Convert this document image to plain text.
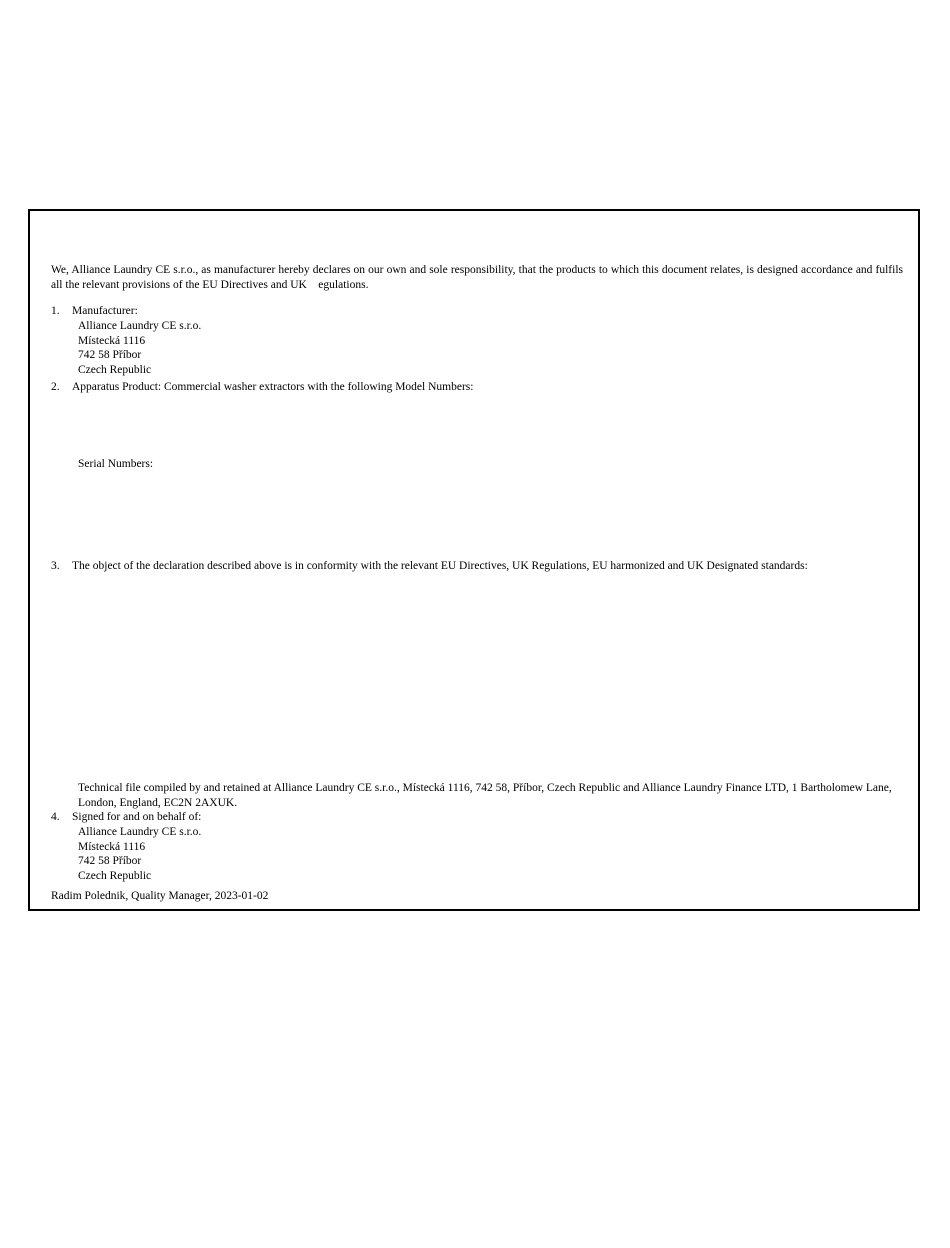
We, Alliance Laundry CE s.r.o., as manufacturer hereby declares on our own and sole responsibility, that the products to which this document relates, is designed accordance and fulfils all the relevant provisions of the EU Directives and UK    egulations.
1. Manufacturer:
Alliance Laundry CE s.r.o.
Místecká 1116
742 58 Příbor
Czech Republic
2. Apparatus Product: Commercial washer extractors with the following Model Numbers:
Serial Numbers:
3. The object of the declaration described above is in conformity with the relevant EU Directives, UK Regulations, EU harmonized and UK Designated standards:
Technical file compiled by and retained at Alliance Laundry CE s.r.o., Místecká 1116, 742 58, Příbor, Czech Republic and Alliance Laundry Finance LTD, 1 Bartholomew Lane, London, England, EC2N 2AXUK.
4. Signed for and on behalf of:
Alliance Laundry CE s.r.o.
Místecká 1116
742 58 Příbor
Czech Republic
Radim Polednik, Quality Manager, 2023-01-02
